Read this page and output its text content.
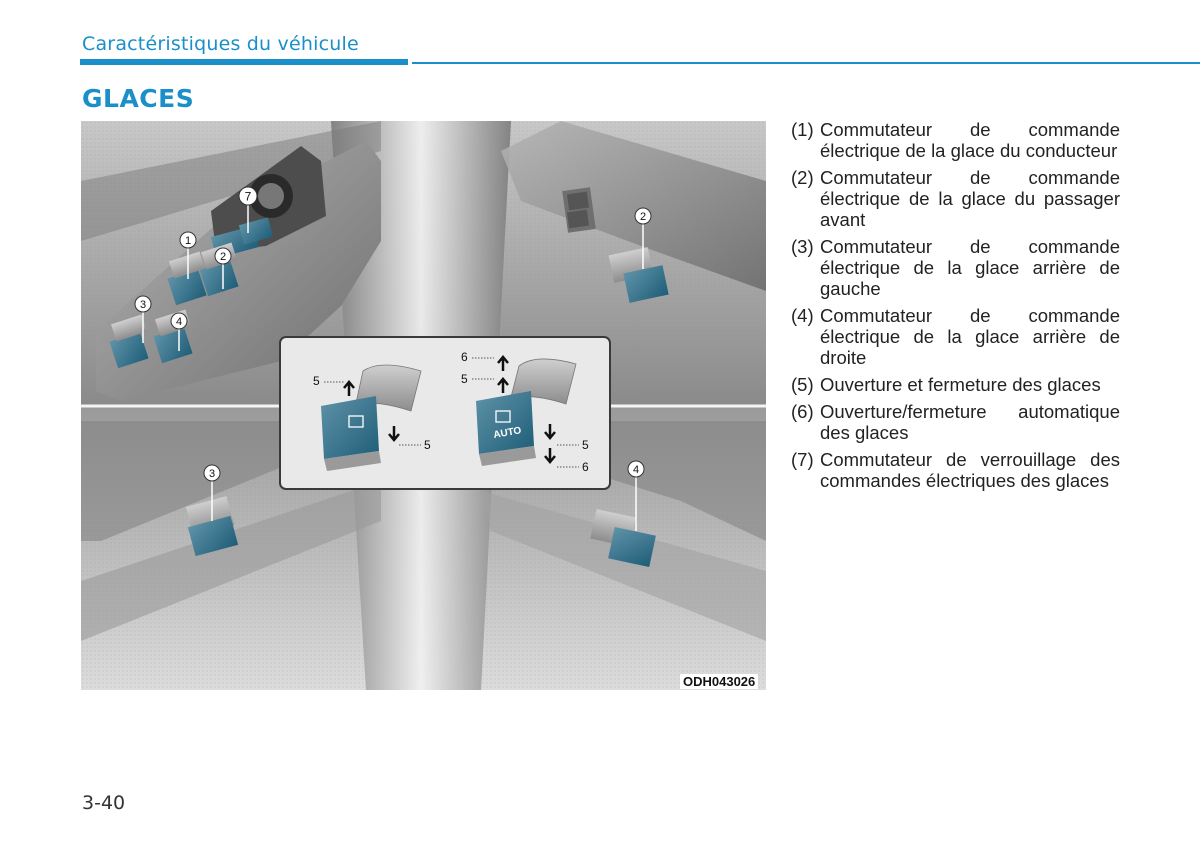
Caractéristiques du véhicule
GLACES
7
1
2
3
4
2
3	4
5
5
AUTO
6
5
5
6
ODH043026
(1) Commutateur de commande électrique de la glace du conducteur
(2) Commutateur de commande électrique de la glace du passager avant
(3) Commutateur de commande électrique de la glace arrière de gauche
(4) Commutateur de commande électrique de la glace arrière de droite
(5) Ouverture et fermeture des glaces
(6) Ouverture/fermeture automatique des glaces
(7) Commutateur de verrouillage des commandes électriques des glaces
3-40
